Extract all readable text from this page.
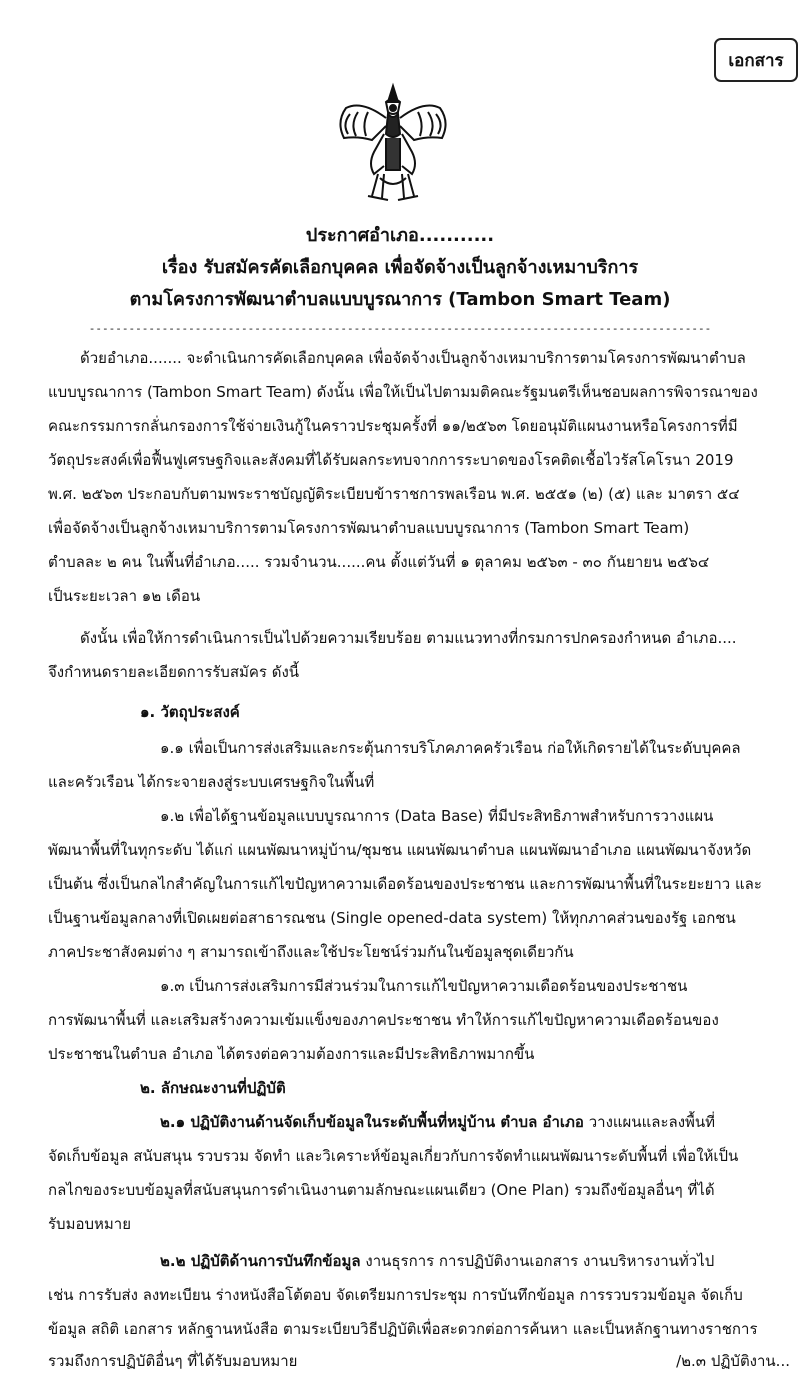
เอกสาร
ประกาศอำเภอ...........
เรื่อง รับสมัครคัดเลือกบุคคล เพื่อจัดจ้างเป็นลูกจ้างเหมาบริการ
ตามโครงการพัฒนาตำบลแบบบูรณาการ (Tambon Smart Team)
----------------------------------------------------------------------------------------------
ด้วยอำเภอ....... จะดำเนินการคัดเลือกบุคคล เพื่อจัดจ้างเป็นลูกจ้างเหมาบริการตามโครงการพัฒนาตำบล
แบบบูรณาการ (Tambon Smart Team) ดังนั้น เพื่อให้เป็นไปตามมติคณะรัฐมนตรีเห็นชอบผลการพิจารณาของ
คณะกรรมการกลั่นกรองการใช้จ่ายเงินกู้ในคราวประชุมครั้งที่ ๑๑/๒๕๖๓ โดยอนุมัติแผนงานหรือโครงการที่มี
วัตถุประสงค์เพื่อฟื้นฟูเศรษฐกิจและสังคมที่ได้รับผลกระทบจากการระบาดของโรคติดเชื้อไวรัสโคโรนา 2019
พ.ศ. ๒๕๖๓ ประกอบกับตามพระราชบัญญัติระเบียบข้าราชการพลเรือน พ.ศ. ๒๕๕๑ (๒) (๕) และ มาตรา ๕๔
เพื่อจัดจ้างเป็นลูกจ้างเหมาบริการตามโครงการพัฒนาตำบลแบบบูรณาการ (Tambon Smart Team)
ตำบลละ ๒ คน ในพื้นที่อำเภอ..... รวมจำนวน......คน ตั้งแต่วันที่ ๑ ตุลาคม ๒๕๖๓ - ๓๐ กันยายน ๒๕๖๔
เป็นระยะเวลา ๑๒ เดือน
ดังนั้น เพื่อให้การดำเนินการเป็นไปด้วยความเรียบร้อย ตามแนวทางที่กรมการปกครองกำหนด อำเภอ....
จึงกำหนดรายละเอียดการรับสมัคร ดังนี้
๑. วัตถุประสงค์
๑.๑ เพื่อเป็นการส่งเสริมและกระตุ้นการบริโภคภาคครัวเรือน ก่อให้เกิดรายได้ในระดับบุคคล
และครัวเรือน ได้กระจายลงสู่ระบบเศรษฐกิจในพื้นที่
๑.๒ เพื่อได้ฐานข้อมูลแบบบูรณาการ (Data Base) ที่มีประสิทธิภาพสำหรับการวางแผน
พัฒนาพื้นที่ในทุกระดับ ได้แก่ แผนพัฒนาหมู่บ้าน/ชุมชน แผนพัฒนาตำบล แผนพัฒนาอำเภอ แผนพัฒนาจังหวัด
เป็นต้น ซึ่งเป็นกลไกสำคัญในการแก้ไขปัญหาความเดือดร้อนของประชาชน และการพัฒนาพื้นที่ในระยะยาว และ
เป็นฐานข้อมูลกลางที่เปิดเผยต่อสาธารณชน (Single opened-data system) ให้ทุกภาคส่วนของรัฐ เอกชน
ภาคประชาสังคมต่าง ๆ สามารถเข้าถึงและใช้ประโยชน์ร่วมกันในข้อมูลชุดเดียวกัน
๑.๓ เป็นการส่งเสริมการมีส่วนร่วมในการแก้ไขปัญหาความเดือดร้อนของประชาชน
การพัฒนาพื้นที่ และเสริมสร้างความเข้มแข็งของภาคประชาชน ทำให้การแก้ไขปัญหาความเดือดร้อนของ
ประชาชนในตำบล อำเภอ ได้ตรงต่อความต้องการและมีประสิทธิภาพมากขึ้น
๒. ลักษณะงานที่ปฏิบัติ
๒.๑ ปฏิบัติงานด้านจัดเก็บข้อมูลในระดับพื้นที่หมู่บ้าน ตำบล อำเภอ วางแผนและลงพื้นที่
จัดเก็บข้อมูล สนับสนุน รวบรวม จัดทำ และวิเคราะห์ข้อมูลเกี่ยวกับการจัดทำแผนพัฒนาระดับพื้นที่ เพื่อให้เป็น
กลไกของระบบข้อมูลที่สนับสนุนการดำเนินงานตามลักษณะแผนเดียว (One Plan) รวมถึงข้อมูลอื่นๆ ที่ได้
รับมอบหมาย
๒.๒ ปฏิบัติด้านการบันทึกข้อมูล งานธุรการ การปฏิบัติงานเอกสาร งานบริหารงานทั่วไป
เช่น การรับส่ง ลงทะเบียน ร่างหนังสือโต้ตอบ จัดเตรียมการประชุม การบันทึกข้อมูล การรวบรวมข้อมูล จัดเก็บ
ข้อมูล สถิติ เอกสาร หลักฐานหนังสือ ตามระเบียบวิธีปฏิบัติเพื่อสะดวกต่อการค้นหา และเป็นหลักฐานทางราชการ
รวมถึงการปฏิบัติอื่นๆ ที่ได้รับมอบหมาย	/๒.๓ ปฏิบัติงาน...
